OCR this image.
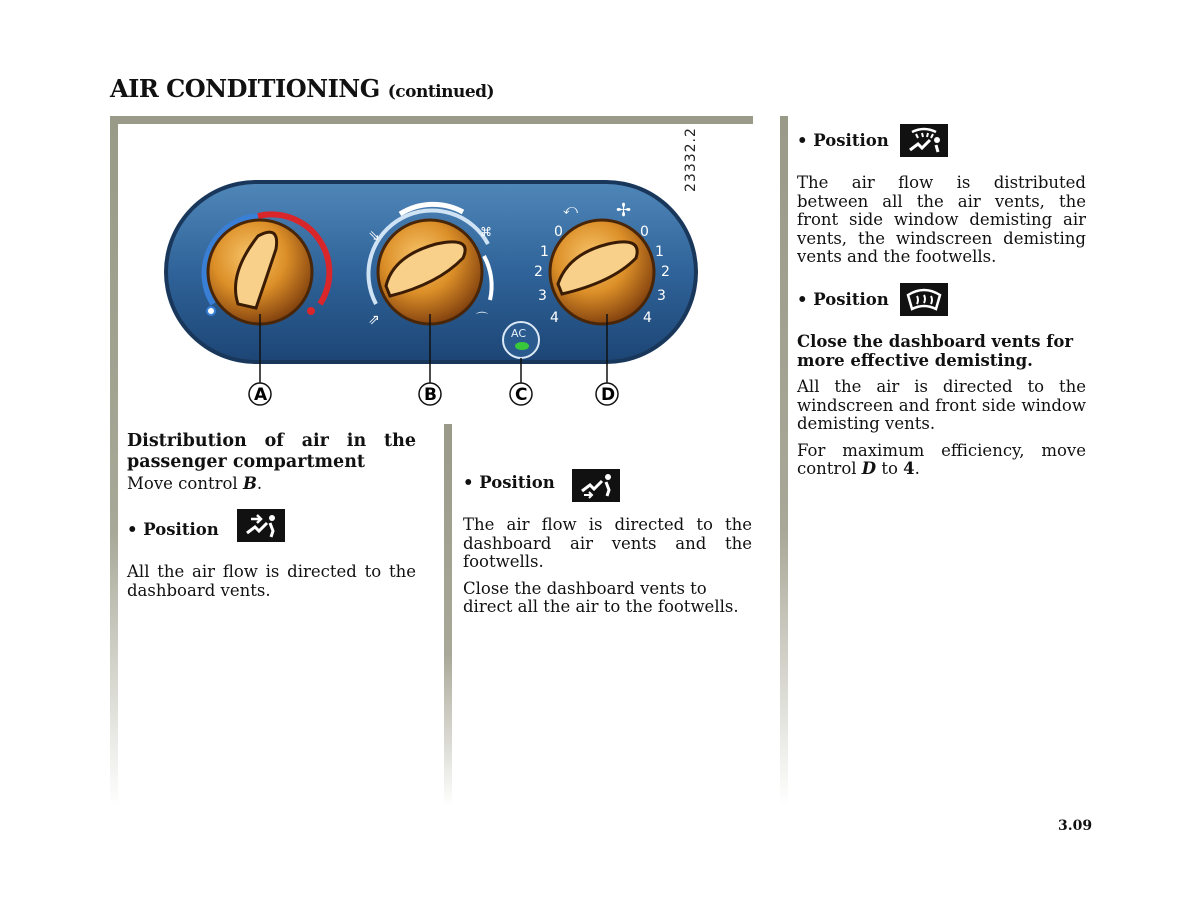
AIR CONDITIONING (continued)
⇘
⇗
⌘
⌒
AC
⤺ ✢
0
1
2
3
4
0
1
2
3
4
A	B	C	D
23332.2

Distribution of air in the passenger compartment

Move control B.
• Position
All the air flow is directed to the dashboard vents.
• Position

The air flow is directed to the dashboard air vents and the footwells.

Close the dashboard vents to direct all the air to the footwells.

• Position
The air flow is distributed between all the air vents, the front side window demisting air vents, the windscreen demisting vents and the footwells.
• Position

Close the dashboard vents for more effective demisting.

All the air is directed to the windscreen and front side window demisting vents.

For maximum efficiency, move control D to 4.

3.09
